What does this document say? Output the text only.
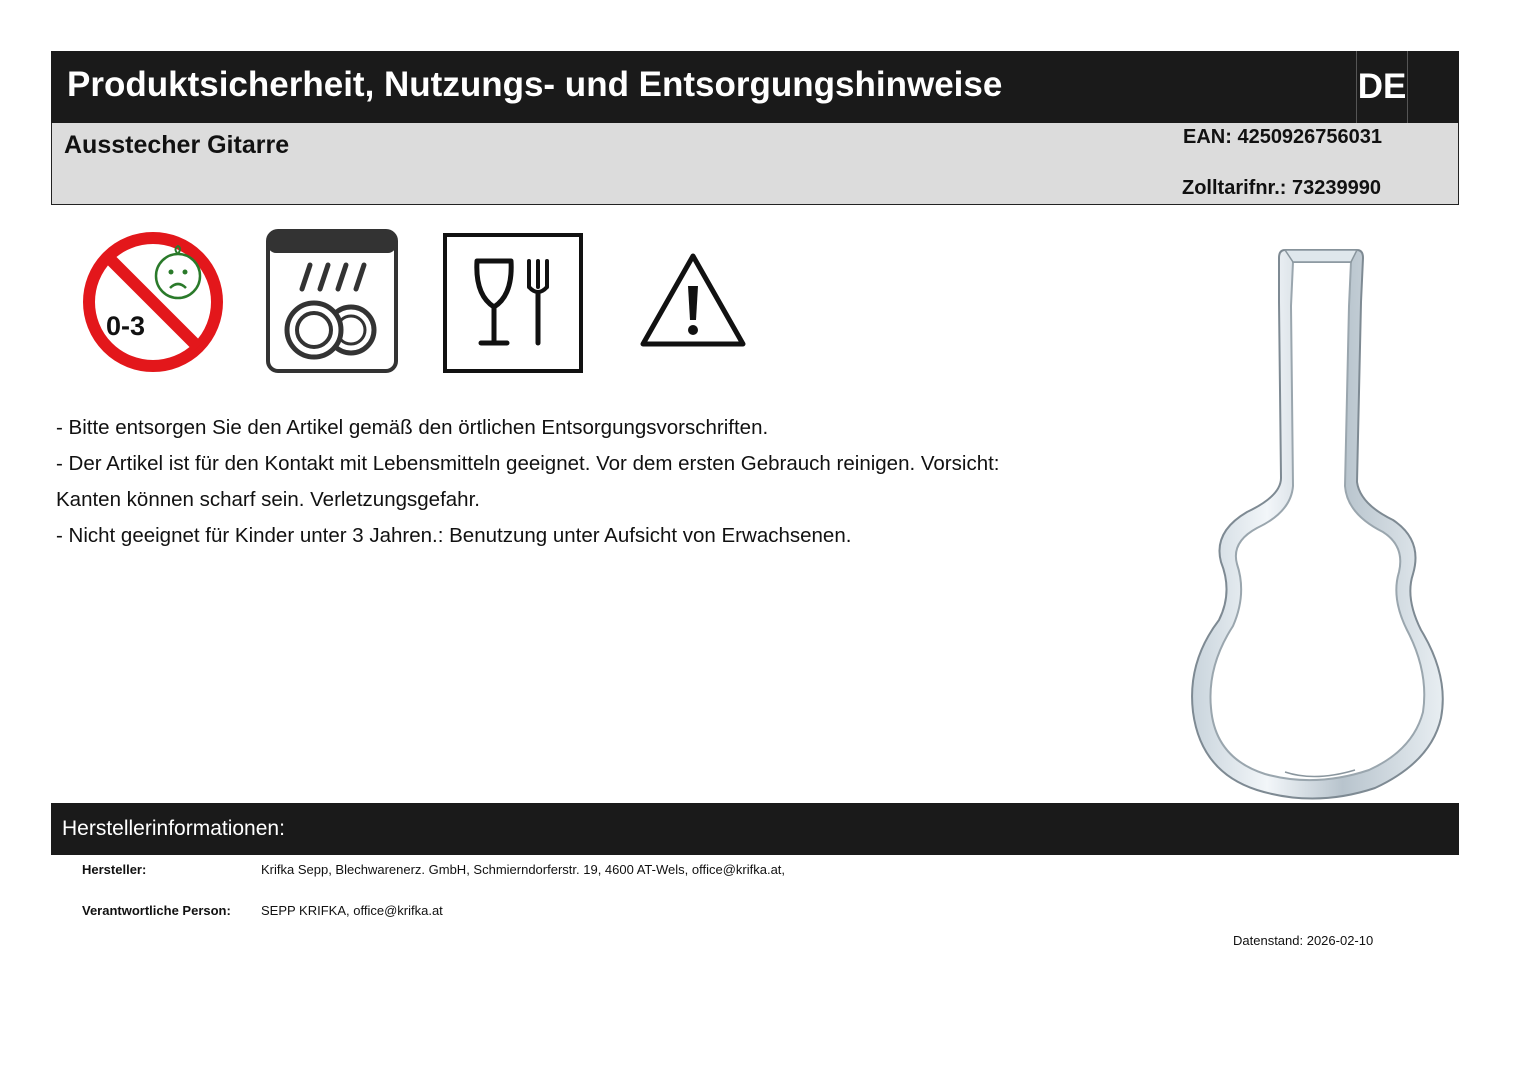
Produktsicherheit, Nutzungs- und Entsorgungshinweise	DE
Ausstecher Gitarre	EAN: 4250926756031
Zolltarifnr.: 73239990
0-3
- Bitte entsorgen Sie den Artikel gemäß den örtlichen Entsorgungsvorschriften.
- Der Artikel ist für den Kontakt mit Lebensmitteln geeignet. Vor dem ersten Gebrauch reinigen. Vorsicht:
Kanten können scharf sein. Verletzungsgefahr.
- Nicht geeignet für Kinder unter 3 Jahren.: Benutzung unter Aufsicht von Erwachsenen.
Herstellerinformationen:
Hersteller:	Krifka Sepp, Blechwarenerz. GmbH, Schmierndorferstr. 19, 4600 AT-Wels, office@krifka.at,
Verantwortliche Person: SEPP KRIFKA, office@krifka.at
Datenstand: 2026-02-10
